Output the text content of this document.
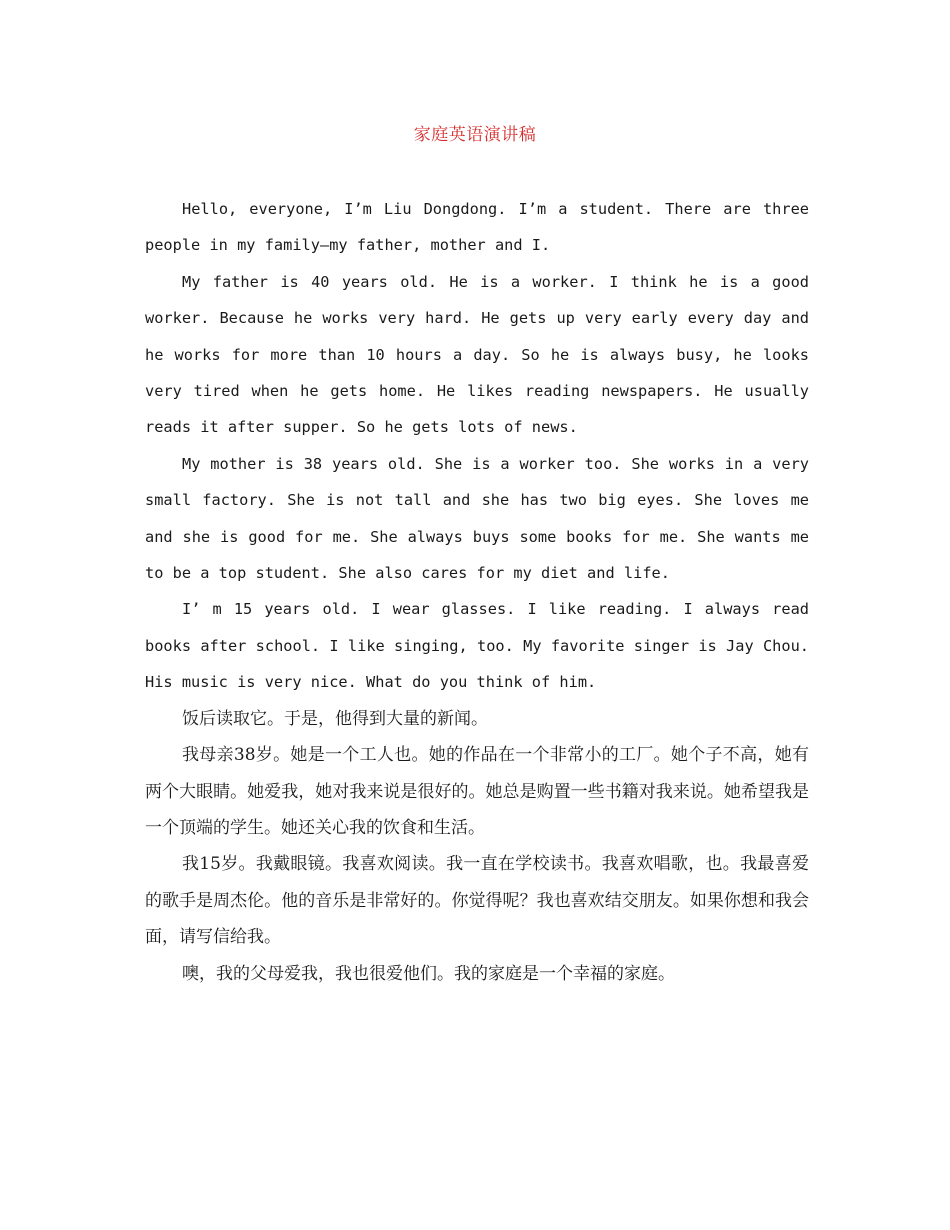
家庭英语演讲稿

Hello, everyone, I’m Liu Dongdong. I’m a student. There are three people in my family—my father, mother and I.

My father is 40 years old. He is a worker. I think he is a good worker. Because he works very hard. He gets up very early every day and he works for more than 10 hours a day. So he is always busy, he looks very tired when he gets home. He likes reading newspapers. He usually reads it after supper. So he gets lots of news.

My mother is 38 years old. She is a worker too. She works in a very small factory. She is not tall and she has two big eyes. She loves me and she is good for me. She always buys some books for me. She wants me to be a top student. She also cares for my diet and life.

I’ m 15 years old. I wear glasses. I like reading. I always read books after school. I like singing, too. My favorite singer is Jay Chou. His music is very nice. What do you think of him.

饭后读取它。于是，他得到大量的新闻。

我母亲38岁。她是一个工人也。她的作品在一个非常小的工厂。她个子不高，她有两个大眼睛。她爱我，她对我来说是很好的。她总是购置一些书籍对我来说。她希望我是一个顶端的学生。她还关心我的饮食和生活。

我15岁。我戴眼镜。我喜欢阅读。我一直在学校读书。我喜欢唱歌，也。我最喜爱的歌手是周杰伦。他的音乐是非常好的。你觉得呢？我也喜欢结交朋友。如果你想和我会面，请写信给我。

噢，我的父母爱我，我也很爱他们。我的家庭是一个幸福的家庭。
